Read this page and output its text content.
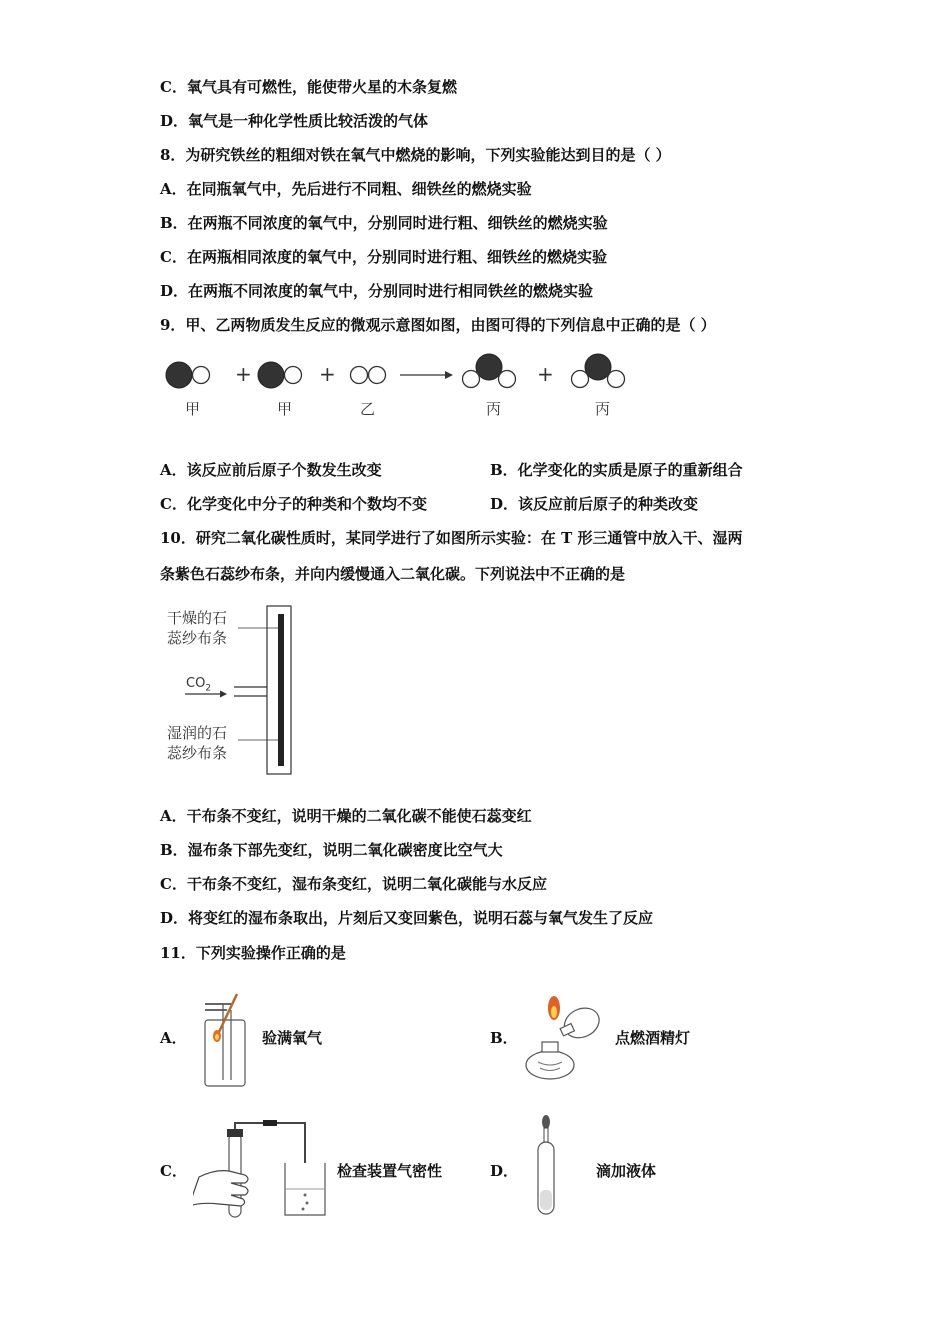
C．氧气具有可燃性，能使带火星的木条复燃
D．氧气是一种化学性质比较活泼的气体
8．为研究铁丝的粗细对铁在氧气中燃烧的影响，下列实验能达到目的是（ ）
A．在同瓶氧气中，先后进行不同粗、细铁丝的燃烧实验
B．在两瓶不同浓度的氧气中，分别同时进行粗、细铁丝的燃烧实验
C．在两瓶相同浓度的氧气中，分别同时进行粗、细铁丝的燃烧实验
D．在两瓶不同浓度的氧气中，分别同时进行相同铁丝的燃烧实验
9．甲、乙两物质发生反应的微观示意图如图，由图可得的下列信息中正确的是（ ）
+	+	+
甲	甲	乙	丙	丙
A．该反应前后原子个数发生改变	B．化学变化的实质是原子的重新组合
C．化学变化中分子的种类和个数均不变	D．该反应前后原子的种类改变
10．研究二氧化碳性质时，某同学进行了如图所示实验：在 T 形三通管中放入干、湿两
条紫色石蕊纱布条，并向内缓慢通入二氧化碳。下列说法中不正确的是
干燥的石
蕊纱布条
$CO_2$
湿润的石
蕊纱布条
A．干布条不变红，说明干燥的二氧化碳不能使石蕊变红
B．湿布条下部先变红，说明二氧化碳密度比空气大
C．干布条不变红，湿布条变红，说明二氧化碳能与水反应
D．将变红的湿布条取出，片刻后又变回紫色，说明石蕊与氧气发生了反应
11．下列实验操作正确的是
A．	验满氧气	B．	点燃酒精灯
C．	检查装置气密性	D．	滴加液体
